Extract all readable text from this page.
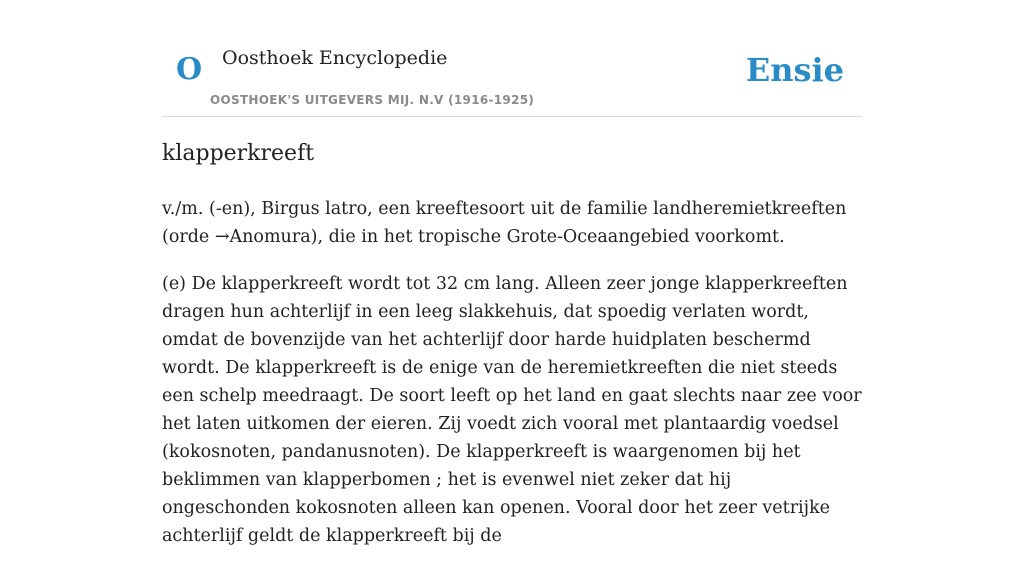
O Oosthoek Encyclopedie
OOSTHOEK'S UITGEVERS MIJ. N.V (1916-1925)
Ensie
klapperkreeft

v./m. (-en), Birgus latro, een kreeftesoort uit de familie landheremietkreeften (orde →Anomura), die in het tropische Grote-Oceaangebied voorkomt.

(e) De klapperkreeft wordt tot 32 cm lang. Alleen zeer jonge klapperkreeften dragen hun achterlijf in een leeg slakkehuis, dat spoedig verlaten wordt, omdat de bovenzijde van het achterlijf door harde huidplaten beschermd wordt. De klapperkreeft is de enige van de heremietkreeften die niet steeds een schelp meedraagt. De soort leeft op het land en gaat slechts naar zee voor het laten uitkomen der eieren. Zij voedt zich vooral met plantaardig voedsel (kokosnoten, pandanusnoten). De klapperkreeft is waargenomen bij het beklimmen van klapperbomen ; het is evenwel niet zeker dat hij ongeschonden kokosnoten alleen kan openen. Vooral door het zeer vetrijke achterlijf geldt de klapperkreeft bij de
